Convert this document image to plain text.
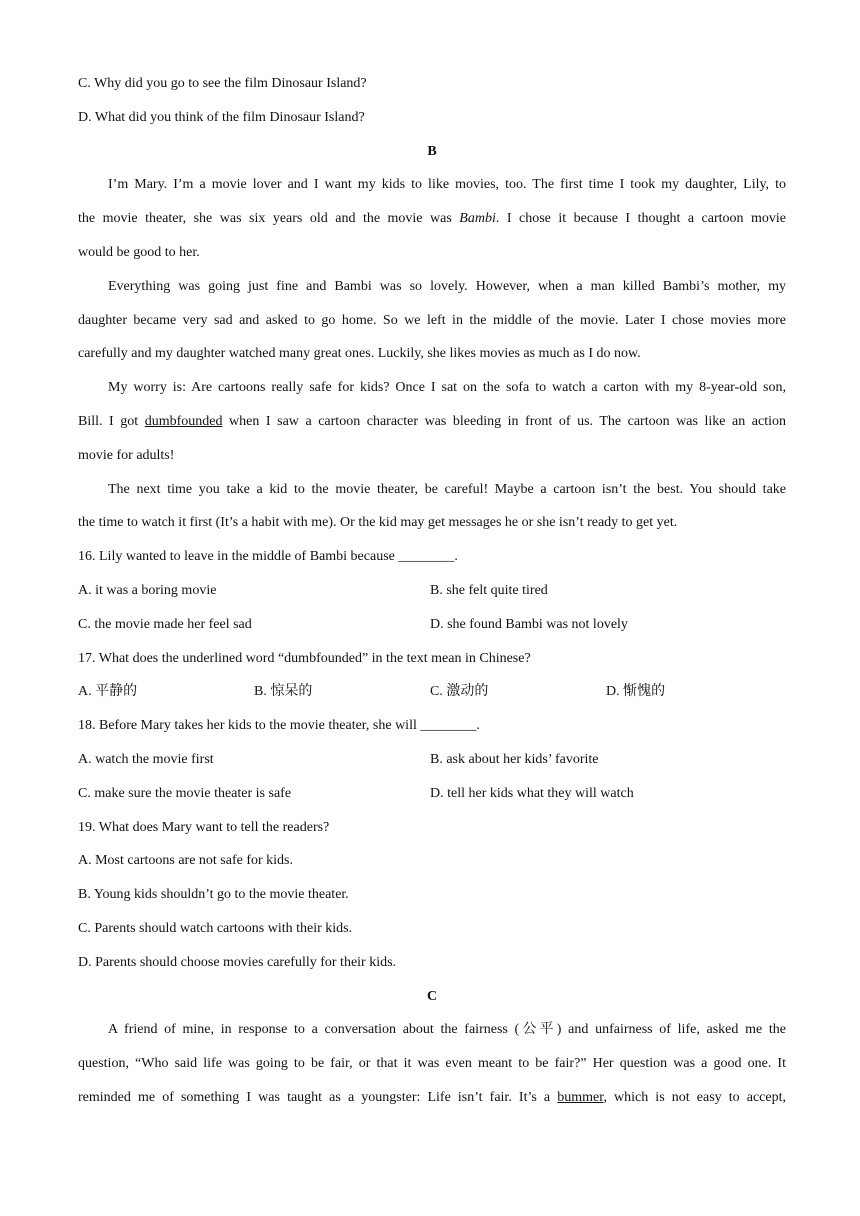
C. Why did you go to see the film Dinosaur Island?
D. What did you think of the film Dinosaur Island?
B
I’m Mary. I’m a movie lover and I want my kids to like movies, too. The first time I took my daughter, Lily, to
the movie theater, she was six years old and the movie was Bambi. I chose it because I thought a cartoon movie
would be good to her.
Everything was going just fine and Bambi was so lovely. However, when a man killed Bambi’s mother, my
daughter became very sad and asked to go home. So we left in the middle of the movie. Later I chose movies more
carefully and my daughter watched many great ones. Luckily, she likes movies as much as I do now.
My worry is: Are cartoons really safe for kids? Once I sat on the sofa to watch a carton with my 8-year-old son,
Bill. I got dumbfounded when I saw a cartoon character was bleeding in front of us. The cartoon was like an action
movie for adults!
The next time you take a kid to the movie theater, be careful! Maybe a cartoon isn’t the best. You should take
the time to watch it first (It’s a habit with me). Or the kid may get messages he or she isn’t ready to get yet.
16. Lily wanted to leave in the middle of Bambi because ________.
A. it was a boring movie	B. she felt quite tired
C. the movie made her feel sad	D. she found Bambi was not lovely
17. What does the underlined word “dumbfounded” in the text mean in Chinese?
A. 平静的	B. 惊呆的	C. 激动的	D. 惭愧的
18. Before Mary takes her kids to the movie theater, she will ________.
A. watch the movie first	B. ask about her kids’ favorite
C. make sure the movie theater is safe	D. tell her kids what they will watch
19. What does Mary want to tell the readers?
A. Most cartoons are not safe for kids.
B. Young kids shouldn’t go to the movie theater.
C. Parents should watch cartoons with their kids.
D. Parents should choose movies carefully for their kids.
C
A friend of mine, in response to a conversation about the fairness (公平) and unfairness of life, asked me the
question, “Who said life was going to be fair, or that it was even meant to be fair?” Her question was a good one. It
reminded me of something I was taught as a youngster: Life isn’t fair. It’s a bummer, which is not easy to accept,
